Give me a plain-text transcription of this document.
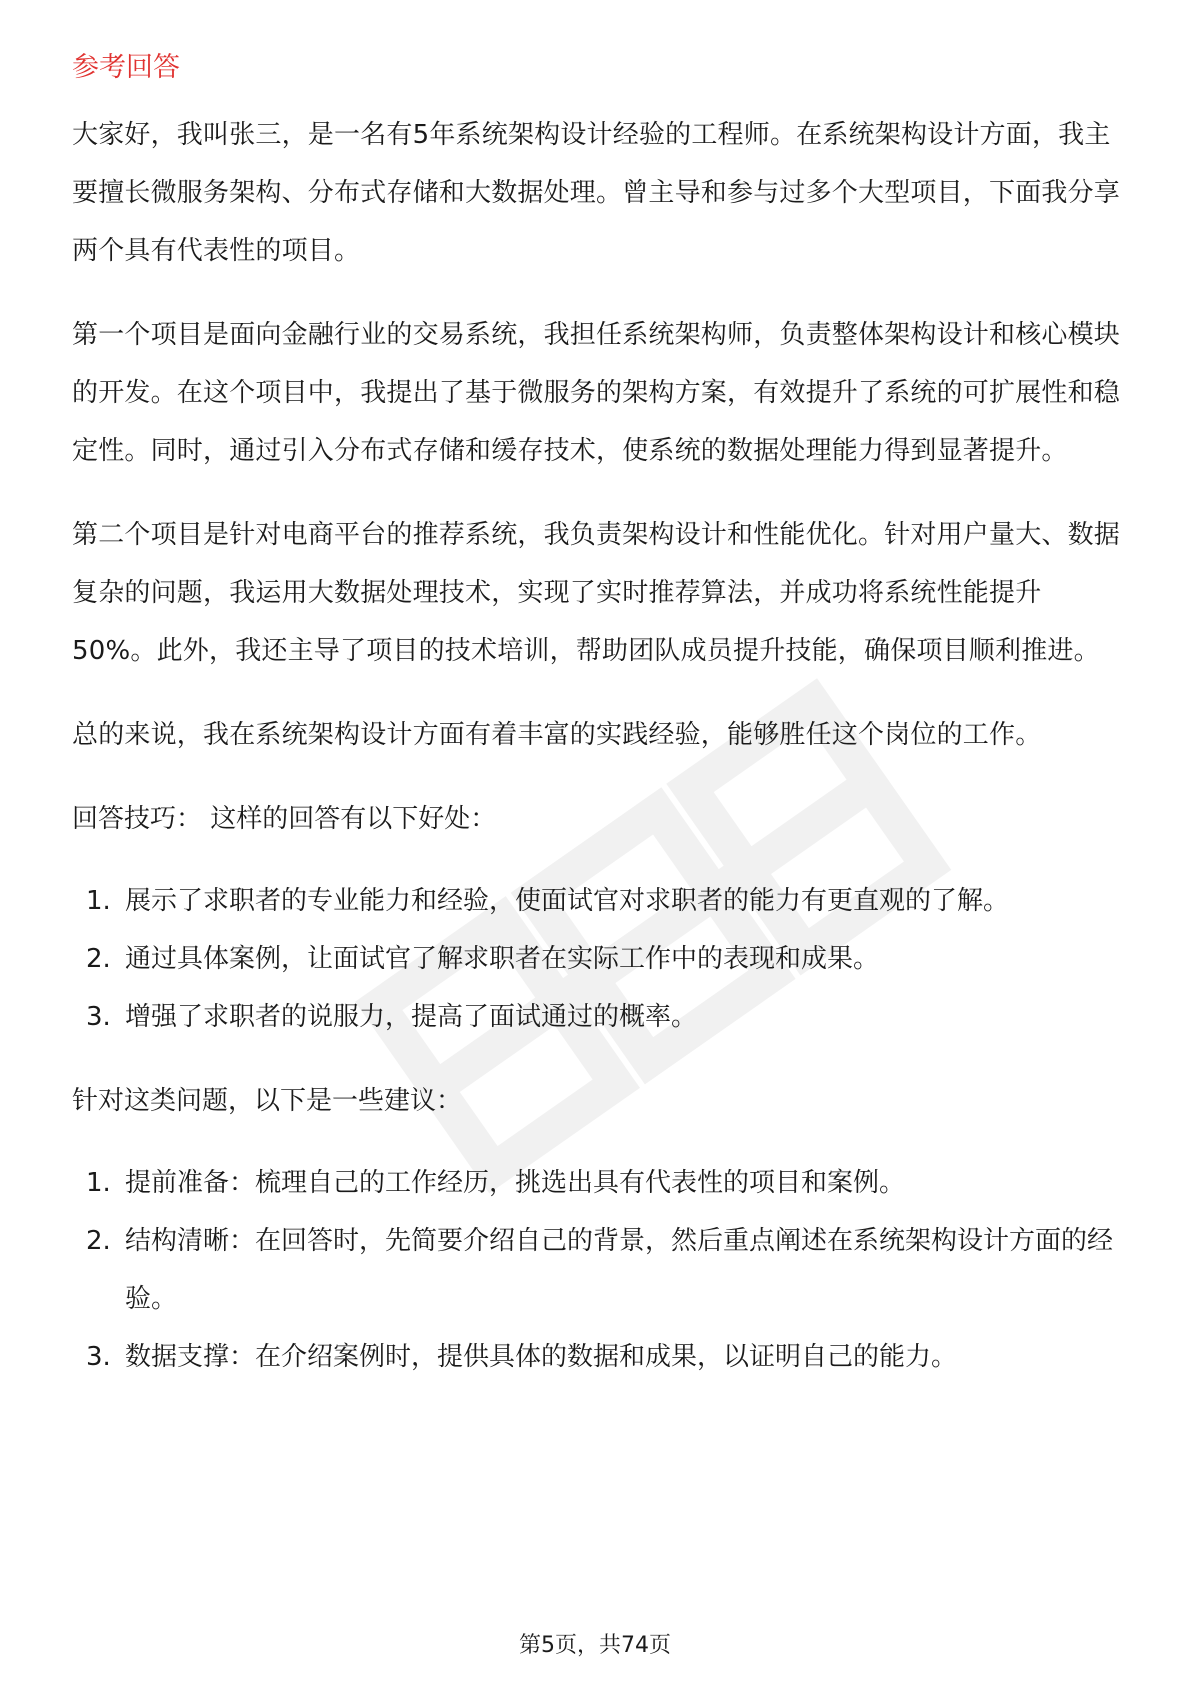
参考回答

大家好，我叫张三，是一名有5年系统架构设计经验的工程师。在系统架构设计方面，我主要擅长微服务架构、分布式存储和大数据处理。曾主导和参与过多个大型项目，下面我分享两个具有代表性的项目。

第一个项目是面向金融行业的交易系统，我担任系统架构师，负责整体架构设计和核心模块的开发。在这个项目中，我提出了基于微服务的架构方案，有效提升了系统的可扩展性和稳定性。同时，通过引入分布式存储和缓存技术，使系统的数据处理能力得到显著提升。

第二个项目是针对电商平台的推荐系统，我负责架构设计和性能优化。针对用户量大、数据复杂的问题，我运用大数据处理技术，实现了实时推荐算法，并成功将系统性能提升50%。此外，我还主导了项目的技术培训，帮助团队成员提升技能，确保项目顺利推进。

总的来说，我在系统架构设计方面有着丰富的实践经验，能够胜任这个岗位的工作。

回答技巧： 这样的回答有以下好处：

1. 展示了求职者的专业能力和经验，使面试官对求职者的能力有更直观的了解。
2. 通过具体案例，让面试官了解求职者在实际工作中的表现和成果。
3. 增强了求职者的说服力，提高了面试通过的概率。

针对这类问题，以下是一些建议：

1. 提前准备：梳理自己的工作经历，挑选出具有代表性的项目和案例。
2. 结构清晰：在回答时，先简要介绍自己的背景，然后重点阐述在系统架构设计方面的经验。
3. 数据支撑：在介绍案例时，提供具体的数据和成果，以证明自己的能力。
第5页，共74页
